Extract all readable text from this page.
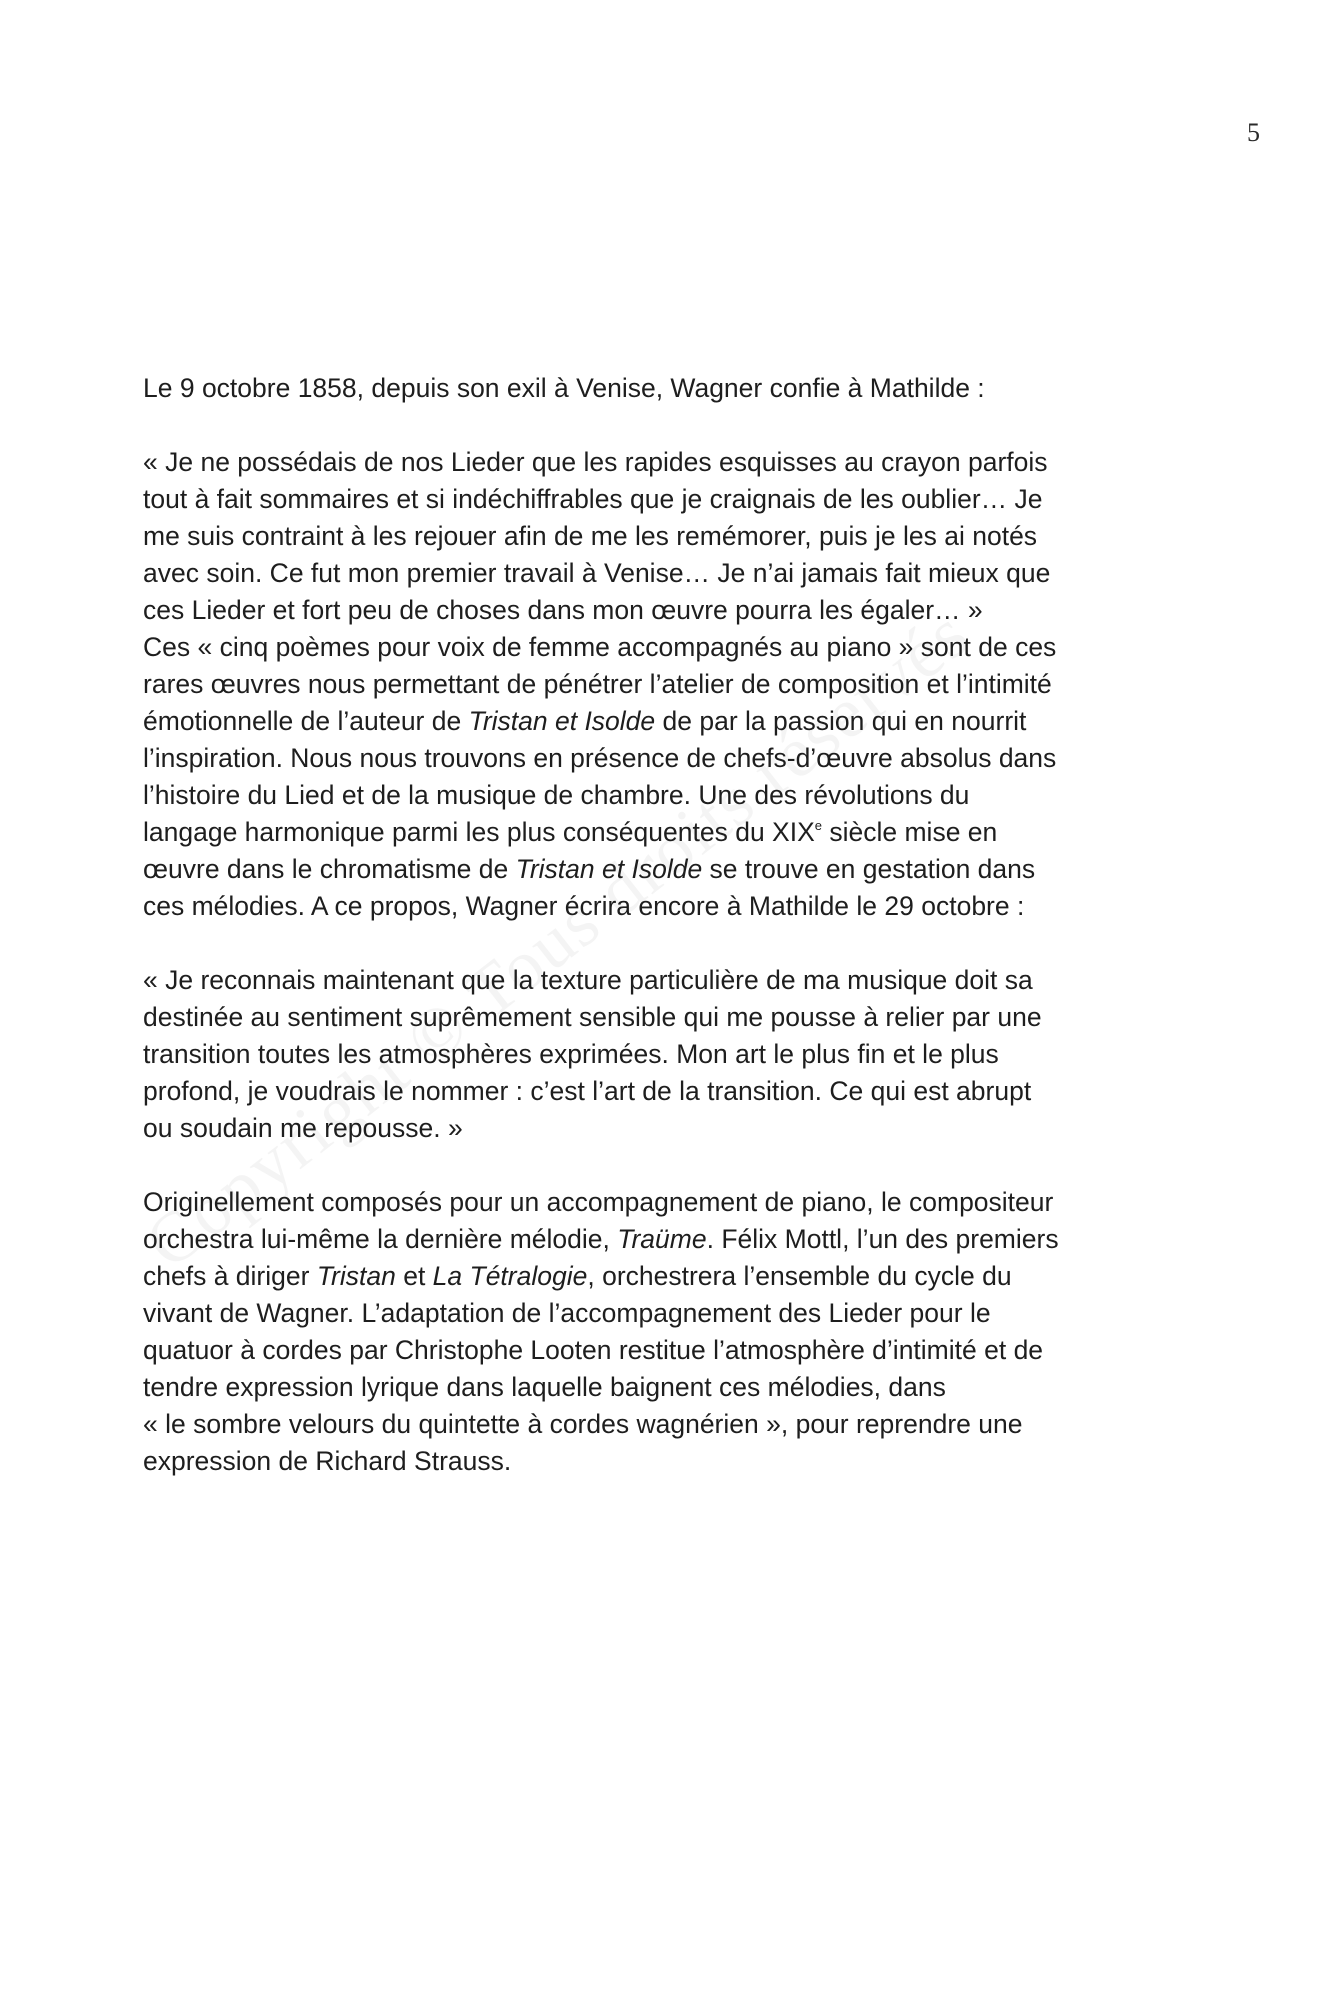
5

Le 9 octobre 1858, depuis son exil à Venise, Wagner confie à Mathilde :

« Je ne possédais de nos Lieder que les rapides esquisses au crayon parfois

tout à fait sommaires et si indéchiffrables que je craignais de les oublier… Je

me suis contraint à les rejouer afin de me les remémorer, puis je les ai notés

avec soin. Ce fut mon premier travail à Venise… Je n’ai jamais fait mieux que

ces Lieder et fort peu de choses dans mon œuvre pourra les égaler… »

Ces « cinq poèmes pour voix de femme accompagnés au piano » sont de ces

rares œuvres nous permettant de pénétrer l’atelier de composition et l’intimité

émotionnelle de l’auteur de Tristan et Isolde de par la passion qui en nourrit

l’inspiration. Nous nous trouvons en présence de chefs-d’œuvre absolus dans

l’histoire du Lied et de la musique de chambre. Une des révolutions du

langage harmonique parmi les plus conséquentes du XIXe siècle mise en

œuvre dans le chromatisme de Tristan et Isolde se trouve en gestation dans

ces mélodies. A ce propos, Wagner écrira encore à Mathilde le 29 octobre :

« Je reconnais maintenant que la texture particulière de ma musique doit sa

destinée au sentiment suprêmement sensible qui me pousse à relier par une

transition toutes les atmosphères exprimées. Mon art le plus fin et le plus

profond, je voudrais le nommer : c’est l’art de la transition. Ce qui est abrupt

ou soudain me repousse. »

Originellement composés pour un accompagnement de piano, le compositeur

orchestra lui-même la dernière mélodie, Traüme. Félix Mottl, l’un des premiers

chefs à diriger Tristan et La Tétralogie, orchestrera l’ensemble du cycle du

vivant de Wagner. L’adaptation de l’accompagnement des Lieder pour le

quatuor à cordes par Christophe Looten restitue l’atmosphère d’intimité et de

tendre expression lyrique dans laquelle baignent ces mélodies, dans

« le sombre velours du quintette à cordes wagnérien », pour reprendre une

expression de Richard Strauss.
